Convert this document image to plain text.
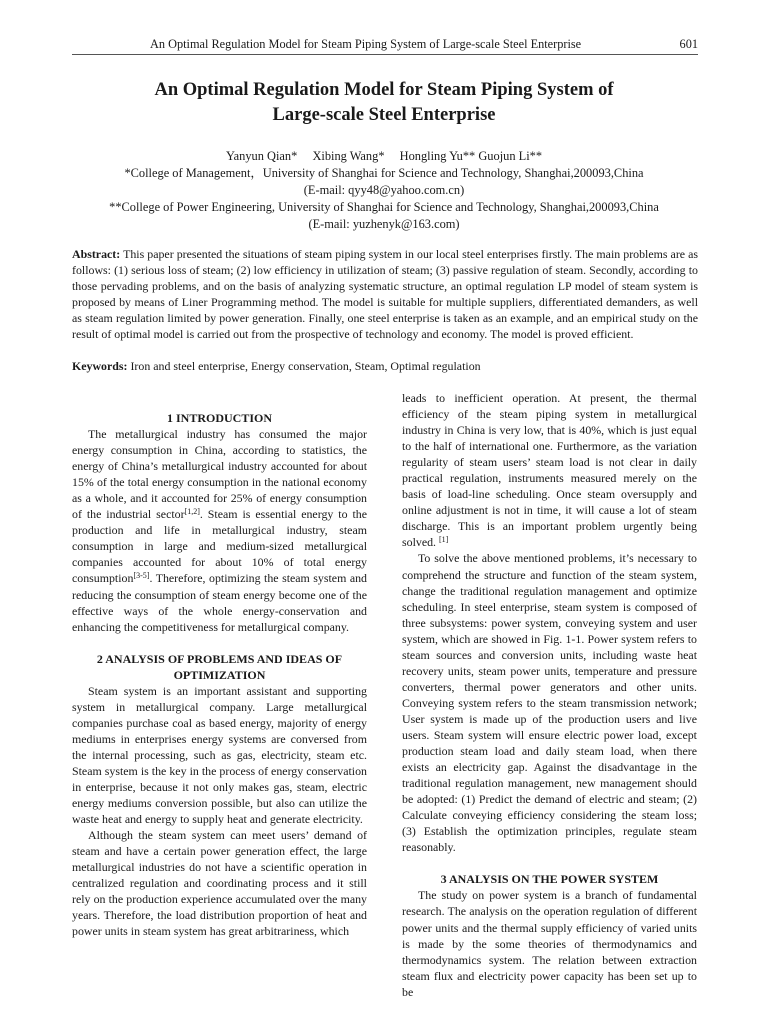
An Optimal Regulation Model for Steam Piping System of Large-scale Steel Enterprise	601
An Optimal Regulation Model for Steam Piping System of
Large-scale Steel Enterprise
Yanyun Qian* Xibing Wang* Hongling Yu** Guojun Li**
*College of Management，University of Shanghai for Science and Technology, Shanghai,200093,China
(E-mail: qyy48@yahoo.com.cn)
**College of Power Engineering, University of Shanghai for Science and Technology, Shanghai,200093,China
(E-mail: yuzhenyk@163.com)
Abstract: This paper presented the situations of steam piping system in our local steel enterprises firstly. The main problems are as follows: (1) serious loss of steam; (2) low efficiency in utilization of steam; (3) passive regulation of steam. Secondly, according to those pervading problems, and on the basis of analyzing systematic structure, an optimal regulation LP model of steam system is proposed by means of Liner Programming method. The model is suitable for multiple suppliers, differentiated demanders, as well as steam regulation limited by power generation. Finally, one steel enterprise is taken as an example, and an empirical study on the result of optimal model is carried out from the prospective of technology and economy. The model is proved efficient.
Keywords: Iron and steel enterprise, Energy conservation, Steam, Optimal regulation
1 INTRODUCTION

The metallurgical industry has consumed the major energy consumption in China, according to statistics, the energy of China’s metallurgical industry accounted for about 15% of the total energy consumption in the national economy as a whole, and it accounted for 25% of energy consumption of the industrial sector[1,2]. Steam is essential energy to the production and life in metallurgical industry, steam consumption in large and medium-sized metallurgical companies accounted for about 10% of total energy consumption[3-5]. Therefore, optimizing the steam system and reducing the consumption of steam energy become one of the effective ways of the whole energy-conservation and enhancing the competitiveness for metallurgical company.

2 ANALYSIS OF PROBLEMS AND IDEAS OF
OPTIMIZATION

Steam system is an important assistant and supporting system in metallurgical company. Large metallurgical companies purchase coal as based energy, majority of energy mediums in enterprises energy systems are conversed from the internal processing, such as gas, electricity, steam etc. Steam system is the key in the process of energy conservation in enterprise, because it not only makes gas, steam, electric energy mediums conversion possible, but also can utilize the waste heat and energy to supply heat and generate electricity.

Although the steam system can meet users’ demand of steam and have a certain power generation effect, the large metallurgical industries do not have a scientific operation in centralized regulation and coordinating process and it still rely on the production experience accumulated over the many years. Therefore, the load distribution proportion of heat and power units in steam system has great arbitrariness, which

leads to inefficient operation. At present, the thermal efficiency of the steam piping system in metallurgical industry in China is very low, that is 40%, which is just equal to the half of international one. Furthermore, as the variation regularity of steam users’ steam load is not clear in daily practical regulation, instruments measured merely on the basis of load-line scheduling. Once steam oversupply and online adjustment is not in time, it will cause a lot of steam discharge. This is an important problem urgently being solved. [1]

To solve the above mentioned problems, it’s necessary to comprehend the structure and function of the steam system, change the traditional regulation management and optimize scheduling. In steel enterprise, steam system is composed of three subsystems: power system, conveying system and user system, which are showed in Fig. 1-1. Power system refers to steam sources and conversion units, including waste heat recovery units, steam power units, temperature and pressure converters, thermal power generators and other units. Conveying system refers to the steam transmission network; User system is made up of the production users and live users. Steam system will ensure electric power load, except production steam load and daily steam load, when there exists an electricity gap. Against the disadvantage in the traditional regulation management, new management should be adopted: (1) Predict the demand of electric and steam; (2) Calculate conveying efficiency considering the steam loss; (3) Establish the optimization principles, regulate steam reasonably.

3 ANALYSIS ON THE POWER SYSTEM

The study on power system is a branch of fundamental research. The analysis on the operation regulation of different power units and the thermal supply efficiency of varied units is made by the some theories of thermodynamics and thermodynamics system. The relation between extraction steam flux and electricity power capacity has been set up to be
